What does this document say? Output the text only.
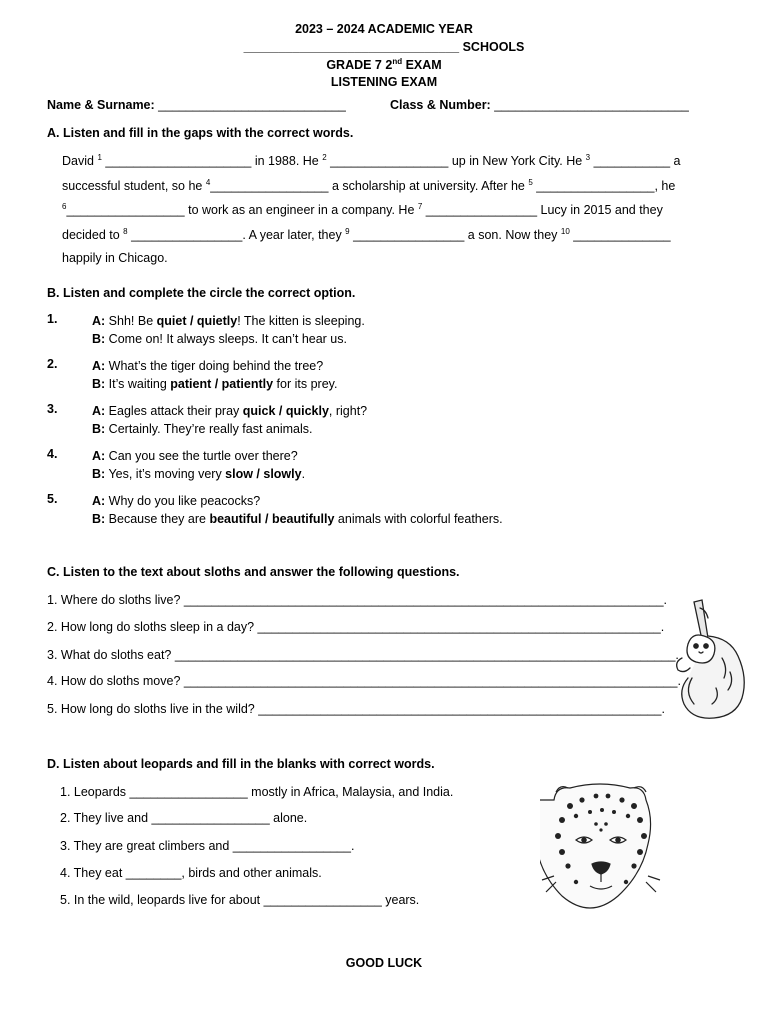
2023 – 2024 ACADEMIC YEAR
_______________________________ SCHOOLS
GRADE 7 2nd EXAM
LISTENING EXAM
Name & Surname: ___________________________	Class & Number: ____________________________
A. Listen and fill in the gaps with the correct words.
David $^1$ _____________________ in 1988. He $^2$ _________________ up in New York City. He $^3$ ___________ a
successful student, so he $^4$_________________ a scholarship at university. After he $^5$ _________________, he
$^6$_________________ to work as an engineer in a company. He $^7$ ________________ Lucy in 2015 and they
decided to $^8$ ________________. A year later, they $^9$ ________________ a son. Now they $^{10}$ ______________
happily in Chicago.
B. Listen and complete the circle the correct option.
1.	A: Shh! Be quiet / quietly! The kitten is sleeping.
B: Come on! It always sleeps. It can’t hear us.
2.	A: What’s the tiger doing behind the tree?
B: It’s waiting patient / patiently for its prey.
3.	A: Eagles attack their pray quick / quickly, right?
B: Certainly. They’re really fast animals.
4.	A: Can you see the turtle over there?
B: Yes, it’s moving very slow / slowly.
5.	A: Why do you like peacocks?
B: Because they are beautiful / beautifully animals with colorful feathers.
C. Listen to the text about sloths and answer the following questions.
1. Where do sloths live? _____________________________________________________________________.
2. How long do sloths sleep in a day? __________________________________________________________.
3. What do sloths eat? ________________________________________________________________________.
4. How do sloths move? _______________________________________________________________________.
5. How long do sloths live in the wild? __________________________________________________________.
D. Listen about leopards and fill in the blanks with correct words.
1. Leopards _________________ mostly in Africa, Malaysia, and India.
2. They live and _________________ alone.
3. They are great climbers and _________________.
4. They eat ________, birds and other animals.
5. In the wild, leopards live for about _________________ years.
GOOD LUCK
